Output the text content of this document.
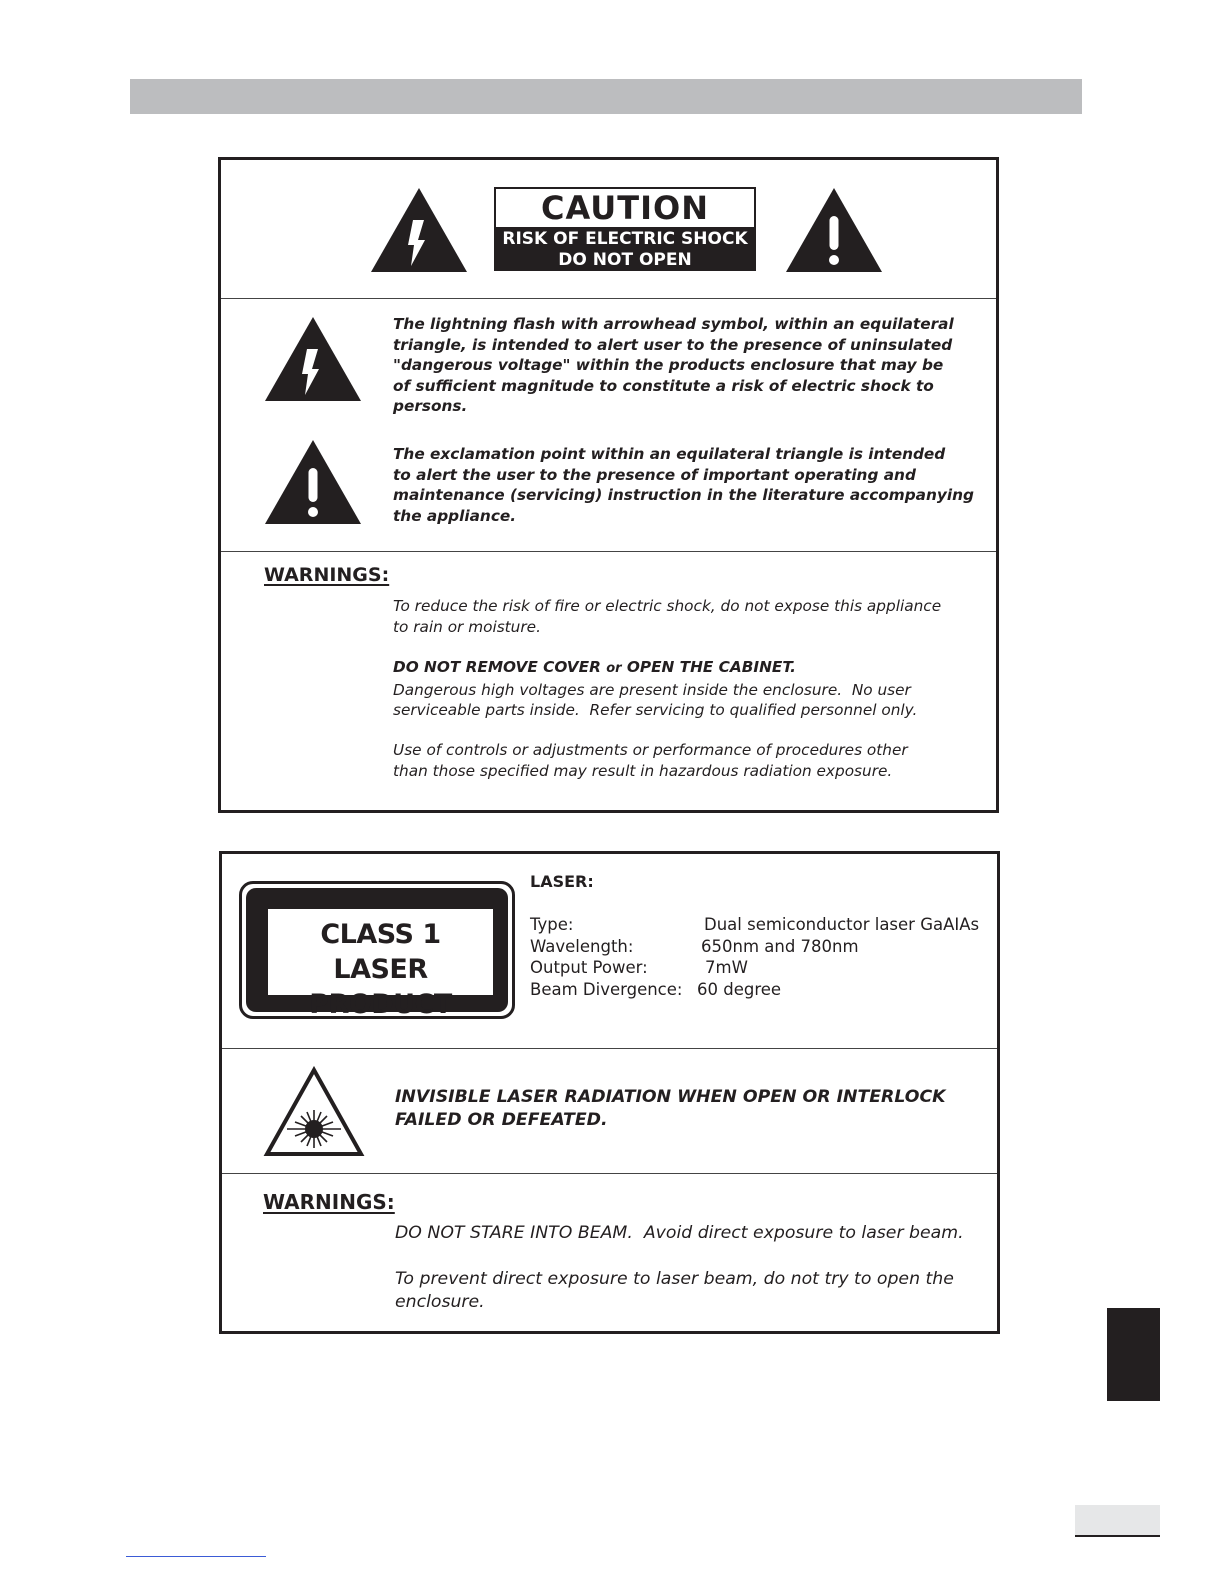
CAUTION
RISK OF ELECTRIC SHOCK
DO NOT OPEN
The lightning flash with arrowhead symbol, within an equilateral
triangle, is intended to alert user to the presence of uninsulated
"dangerous voltage" within the products enclosure that may be
of sufficient magnitude to constitute a risk of electric shock to
persons.
The exclamation point within an equilateral triangle is intended
to alert the user to the presence of important operating and
maintenance (servicing) instruction in the literature accompanying
the appliance.
WARNINGS:
To reduce the risk of fire or electric shock, do not expose this appliance
to rain or moisture.
DO NOT REMOVE COVER or OPEN THE CABINET.
Dangerous high voltages are present inside the enclosure.  No user
serviceable parts inside.  Refer servicing to qualified personnel only.
Use of controls or adjustments or performance of procedures other
than those specified may result in hazardous radiation exposure.
CLASS 1
LASER PRODUCT
LASER:
Type:
Wavelength:
Output Power:
Beam Divergence:
Dual semiconductor laser GaAIAs
650nm and 780nm
7mW
60 degree
INVISIBLE LASER RADIATION WHEN OPEN OR INTERLOCK
FAILED OR DEFEATED.
WARNINGS:
DO NOT STARE INTO BEAM.  Avoid direct exposure to laser beam.
To prevent direct exposure to laser beam, do not try to open the
enclosure.
